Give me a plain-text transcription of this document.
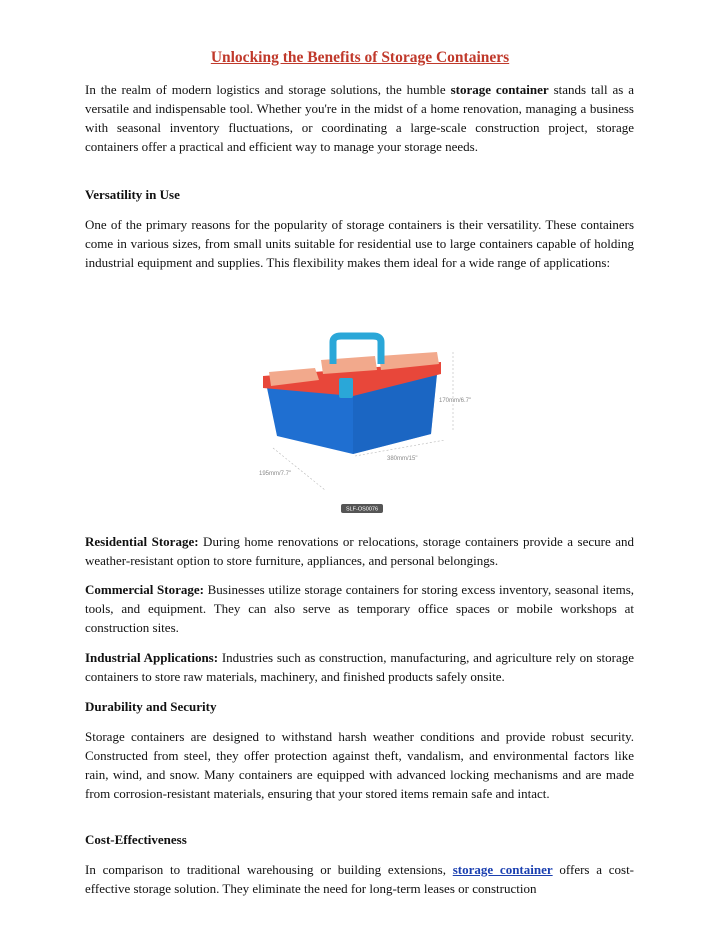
Unlocking the Benefits of Storage Containers

In the realm of modern logistics and storage solutions, the humble storage container stands tall as a versatile and indispensable tool. Whether you're in the midst of a home renovation, managing a business with seasonal inventory fluctuations, or coordinating a large-scale construction project, storage containers offer a practical and efficient way to manage your storage needs.

Versatility in Use

One of the primary reasons for the popularity of storage containers is their versatility. These containers come in various sizes, from small units suitable for residential use to large containers capable of holding industrial equipment and supplies. This flexibility makes them ideal for a wide range of applications:

170mm/6.7"
380mm/15"
195mm/7.7"
SLF-OS0076

Residential Storage: During home renovations or relocations, storage containers provide a secure and weather-resistant option to store furniture, appliances, and personal belongings.

Commercial Storage: Businesses utilize storage containers for storing excess inventory, seasonal items, tools, and equipment. They can also serve as temporary office spaces or mobile workshops at construction sites.

Industrial Applications: Industries such as construction, manufacturing, and agriculture rely on storage containers to store raw materials, machinery, and finished products safely onsite.

Durability and Security

Storage containers are designed to withstand harsh weather conditions and provide robust security. Constructed from steel, they offer protection against theft, vandalism, and environmental factors like rain, wind, and snow. Many containers are equipped with advanced locking mechanisms and are made from corrosion-resistant materials, ensuring that your stored items remain safe and intact.

Cost-Effectiveness

In comparison to traditional warehousing or building extensions, storage container offers a cost-effective storage solution. They eliminate the need for long-term leases or construction
